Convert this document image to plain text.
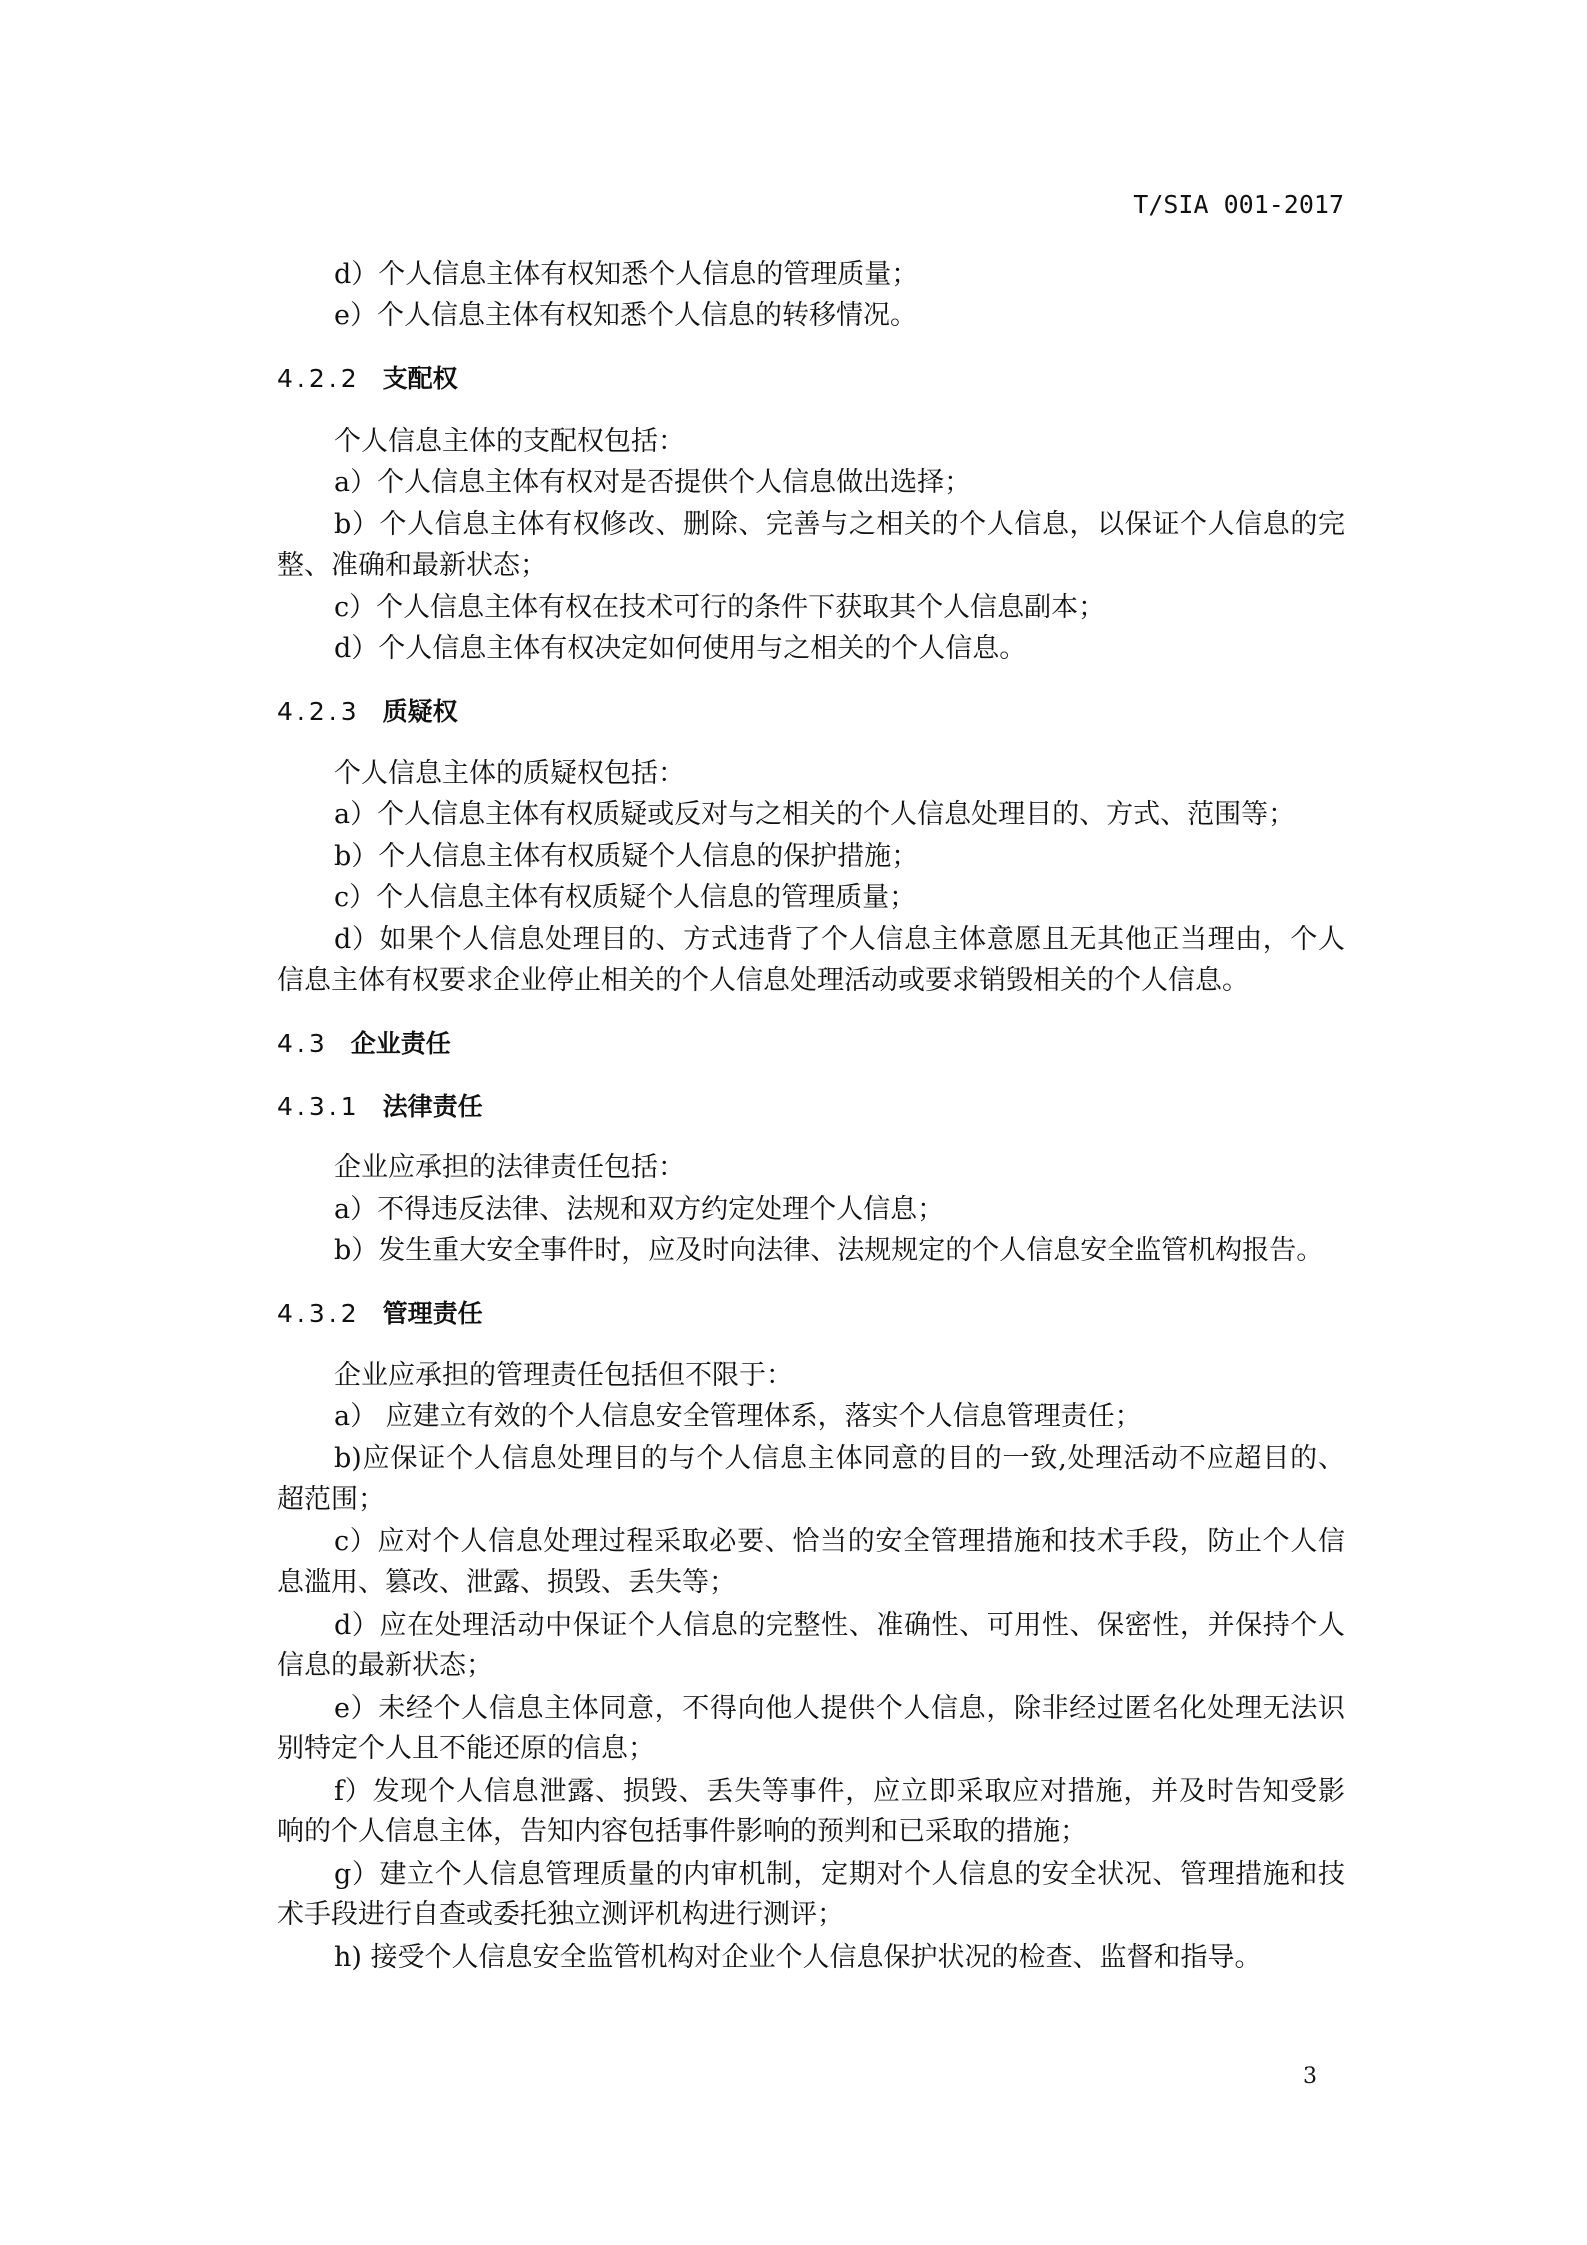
T/SIA 001-2017
d）个人信息主体有权知悉个人信息的管理质量；
e）个人信息主体有权知悉个人信息的转移情况。
4.2.2 支配权
个人信息主体的支配权包括：
a）个人信息主体有权对是否提供个人信息做出选择；
b）个人信息主体有权修改、删除、完善与之相关的个人信息，以保证个人信息的完
整、准确和最新状态；
c）个人信息主体有权在技术可行的条件下获取其个人信息副本；
d）个人信息主体有权决定如何使用与之相关的个人信息。
4.2.3 质疑权
个人信息主体的质疑权包括：
a）个人信息主体有权质疑或反对与之相关的个人信息处理目的、方式、范围等；
b）个人信息主体有权质疑个人信息的保护措施；
c）个人信息主体有权质疑个人信息的管理质量；
d）如果个人信息处理目的、方式违背了个人信息主体意愿且无其他正当理由，个人
信息主体有权要求企业停止相关的个人信息处理活动或要求销毁相关的个人信息。
4.3 企业责任
4.3.1 法律责任
企业应承担的法律责任包括：
a）不得违反法律、法规和双方约定处理个人信息；
b）发生重大安全事件时，应及时向法律、法规规定的个人信息安全监管机构报告。
4.3.2 管理责任
企业应承担的管理责任包括但不限于：
a） 应建立有效的个人信息安全管理体系，落实个人信息管理责任；
b)应保证个人信息处理目的与个人信息主体同意的目的一致,处理活动不应超目的、
超范围；
c）应对个人信息处理过程采取必要、恰当的安全管理措施和技术手段，防止个人信
息滥用、篡改、泄露、损毁、丢失等；
d）应在处理活动中保证个人信息的完整性、准确性、可用性、保密性，并保持个人
信息的最新状态；
e）未经个人信息主体同意，不得向他人提供个人信息，除非经过匿名化处理无法识
别特定个人且不能还原的信息；
f）发现个人信息泄露、损毁、丢失等事件，应立即采取应对措施，并及时告知受影
响的个人信息主体，告知内容包括事件影响的预判和已采取的措施；
g）建立个人信息管理质量的内审机制，定期对个人信息的安全状况、管理措施和技
术手段进行自查或委托独立测评机构进行测评；
h) 接受个人信息安全监管机构对企业个人信息保护状况的检查、监督和指导。
3
